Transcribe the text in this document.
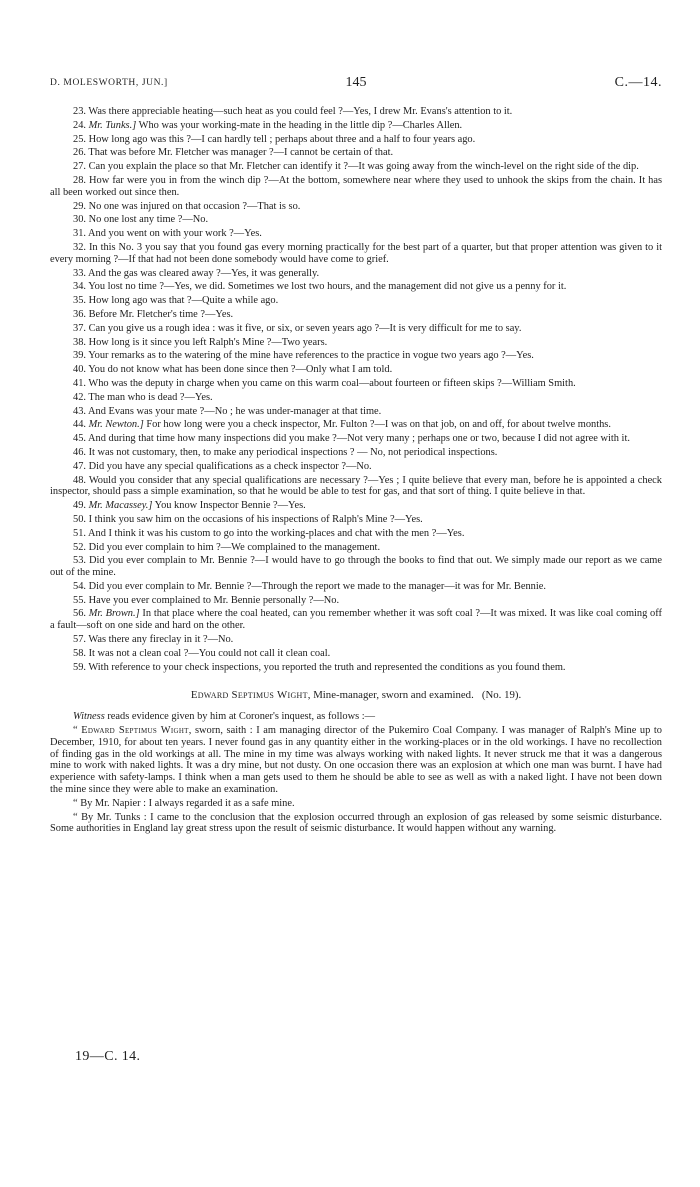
D. MOLESWORTH, JUN.]	145	C.—14.

23. Was there appreciable heating—such heat as you could feel ?—Yes, I drew Mr. Evans's attention to it.

24. Mr. Tunks.] Who was your working-mate in the heading in the little dip ?—Charles Allen.

25. How long ago was this ?—I can hardly tell ; perhaps about three and a half to four years ago.

26. That was before Mr. Fletcher was manager ?—I cannot be certain of that.

27. Can you explain the place so that Mr. Fletcher can identify it ?—It was going away from the winch-level on the right side of the dip.

28. How far were you in from the winch dip ?—At the bottom, somewhere near where they used to unhook the skips from the chain. It has all been worked out since then.

29. No one was injured on that occasion ?—That is so.

30. No one lost any time ?—No.

31. And you went on with your work ?—Yes.

32. In this No. 3 you say that you found gas every morning practically for the best part of a quarter, but that proper attention was given to it every morning ?—If that had not been done somebody would have come to grief.

33. And the gas was cleared away ?—Yes, it was generally.

34. You lost no time ?—Yes, we did. Sometimes we lost two hours, and the management did not give us a penny for it.

35. How long ago was that ?—Quite a while ago.

36. Before Mr. Fletcher's time ?—Yes.

37. Can you give us a rough idea : was it five, or six, or seven years ago ?—It is very difficult for me to say.

38. How long is it since you left Ralph's Mine ?—Two years.

39. Your remarks as to the watering of the mine have references to the practice in vogue two years ago ?—Yes.

40. You do not know what has been done since then ?—Only what I am told.

41. Who was the deputy in charge when you came on this warm coal—about fourteen or fifteen skips ?—William Smith.

42. The man who is dead ?—Yes.

43. And Evans was your mate ?—No ; he was under-manager at that time.

44. Mr. Newton.] For how long were you a check inspector, Mr. Fulton ?—I was on that job, on and off, for about twelve months.

45. And during that time how many inspections did you make ?—Not very many ; perhaps one or two, because I did not agree with it.

46. It was not customary, then, to make any periodical inspections ? — No, not periodical inspections.

47. Did you have any special qualifications as a check inspector ?—No.

48. Would you consider that any special qualifications are necessary ?—Yes ; I quite believe that every man, before he is appointed a check inspector, should pass a simple examination, so that he would be able to test for gas, and that sort of thing. I quite believe in that.

49. Mr. Macassey.] You know Inspector Bennie ?—Yes.

50. I think you saw him on the occasions of his inspections of Ralph's Mine ?—Yes.

51. And I think it was his custom to go into the working-places and chat with the men ?—Yes.

52. Did you ever complain to him ?—We complained to the management.

53. Did you ever complain to Mr. Bennie ?—I would have to go through the books to find that out. We simply made our report as we came out of the mine.

54. Did you ever complain to Mr. Bennie ?—Through the report we made to the manager—it was for Mr. Bennie.

55. Have you ever complained to Mr. Bennie personally ?—No.

56. Mr. Brown.] In that place where the coal heated, can you remember whether it was soft coal ?—It was mixed. It was like coal coming off a fault—soft on one side and hard on the other.

57. Was there any fireclay in it ?—No.

58. It was not a clean coal ?—You could not call it clean coal.

59. With reference to your check inspections, you reported the truth and represented the conditions as you found them.

Edward Septimus Wight, Mine-manager, sworn and examined. (No. 19).

Witness reads evidence given by him at Coroner's inquest, as follows :—

“ Edward Septimus Wight, sworn, saith : I am managing director of the Pukemiro Coal Company. I was manager of Ralph's Mine up to December, 1910, for about ten years. I never found gas in any quantity either in the working-places or in the old workings. I have no recollection of finding gas in the old workings at all. The mine in my time was always working with naked lights. It never struck me that it was a dangerous mine to work with naked lights. It was a dry mine, but not dusty. On one occasion there was an explosion at which one man was burnt. I have had experience with safety-lamps. I think when a man gets used to them he should be able to see as well as with a naked light. I have not been down the mine since they were able to make an examination.

“ By Mr. Napier : I always regarded it as a safe mine.

“ By Mr. Tunks : I came to the conclusion that the explosion occurred through an explosion of gas released by some seismic disturbance. Some authorities in England lay great stress upon the result of seismic disturbance. It would happen without any warning.

19—C. 14.
